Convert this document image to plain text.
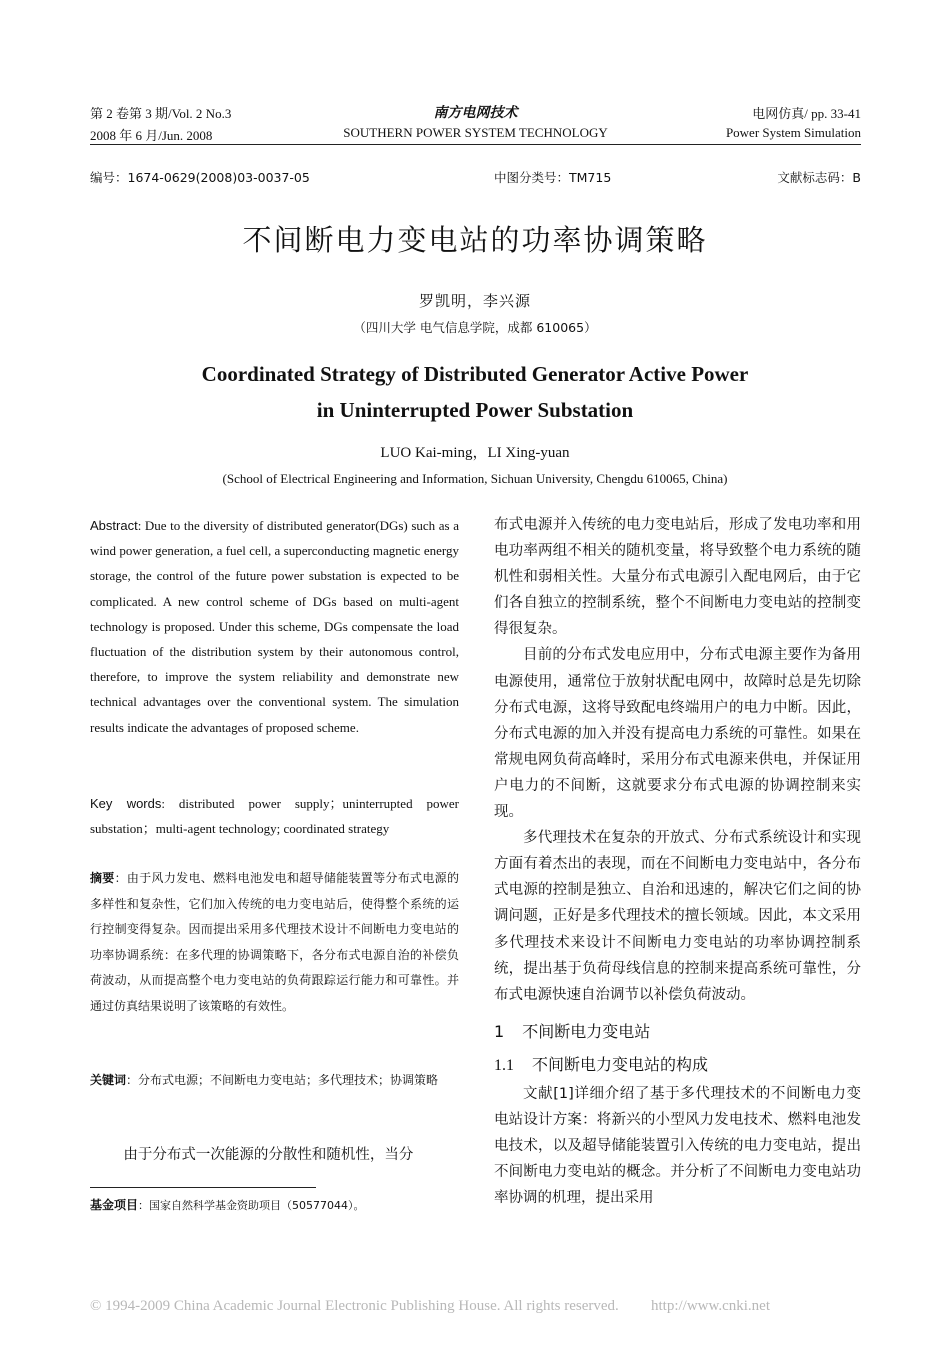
第 2 卷第 3 期/Vol. 2 No.3
2008 年 6 月/Jun. 2008
南方电网技术
SOUTHERN POWER SYSTEM TECHNOLOGY
电网仿真/ pp. 33-41
Power System Simulation
编号：1674-0629(2008)03-0037-05	中图分类号：TM715	文献标志码：B
不间断电力变电站的功率协调策略
罗凯明，李兴源
（四川大学 电气信息学院，成都 610065）
Coordinated Strategy of Distributed Generator Active Power
in Uninterrupted Power Substation
LUO Kai-ming，LI Xing-yuan
(School of Electrical Engineering and Information, Sichuan University, Chengdu 610065, China)
Abstract: Due to the diversity of distributed generator(DGs) such as a wind power generation, a fuel cell, a superconducting magnetic energy storage, the control of the future power substation is expected to be complicated. A new control scheme of DGs based on multi-agent technology is proposed. Under this scheme, DGs compensate the load fluctuation of the distribution system by their autonomous control, therefore, to improve the system reliability and demonstrate new technical advantages over the conventional system. The simulation results indicate the advantages of proposed scheme.
Key words: distributed power supply；uninterrupted power substation；multi-agent technology; coordinated strategy
摘要：由于风力发电、燃料电池发电和超导储能装置等分布式电源的多样性和复杂性，它们加入传统的电力变电站后，使得整个系统的运行控制变得复杂。因而提出采用多代理技术设计不间断电力变电站的功率协调系统：在多代理的协调策略下，各分布式电源自治的补偿负荷波动，从而提高整个电力变电站的负荷跟踪运行能力和可靠性。并通过仿真结果说明了该策略的有效性。
关键词：分布式电源；不间断电力变电站；多代理技术；协调策略
由于分布式一次能源的分散性和随机性，当分
基金项目：国家自然科学基金资助项目（50577044）。

布式电源并入传统的电力变电站后，形成了发电功率和用电功率两组不相关的随机变量，将导致整个电力系统的随机性和弱相关性。大量分布式电源引入配电网后，由于它们各自独立的控制系统，整个不间断电力变电站的控制变得很复杂。

目前的分布式发电应用中，分布式电源主要作为备用电源使用，通常位于放射状配电网中，故障时总是先切除分布式电源，这将导致配电终端用户的电力中断。因此，分布式电源的加入并没有提高电力系统的可靠性。如果在常规电网负荷高峰时，采用分布式电源来供电，并保证用户电力的不间断，这就要求分布式电源的协调控制来实现。

多代理技术在复杂的开放式、分布式系统设计和实现方面有着杰出的表现，而在不间断电力变电站中，各分布式电源的控制是独立、自治和迅速的，解决它们之间的协调问题，正好是多代理技术的擅长领域。因此，本文采用多代理技术来设计不间断电力变电站的功率协调控制系统，提出基于负荷母线信息的控制来提高系统可靠性，分布式电源快速自治调节以补偿负荷波动。

1 不间断电力变电站
1.1 不间断电力变电站的构成

文献[1]详细介绍了基于多代理技术的不间断电力变电站设计方案：将新兴的小型风力发电技术、燃料电池发电技术，以及超导储能装置引入传统的电力变电站，提出不间断电力变电站的概念。并分析了不间断电力变电站功率协调的机理，提出采用

© 1994-2009 China Academic Journal Electronic Publishing House. All rights reserved. http://www.cnki.net
